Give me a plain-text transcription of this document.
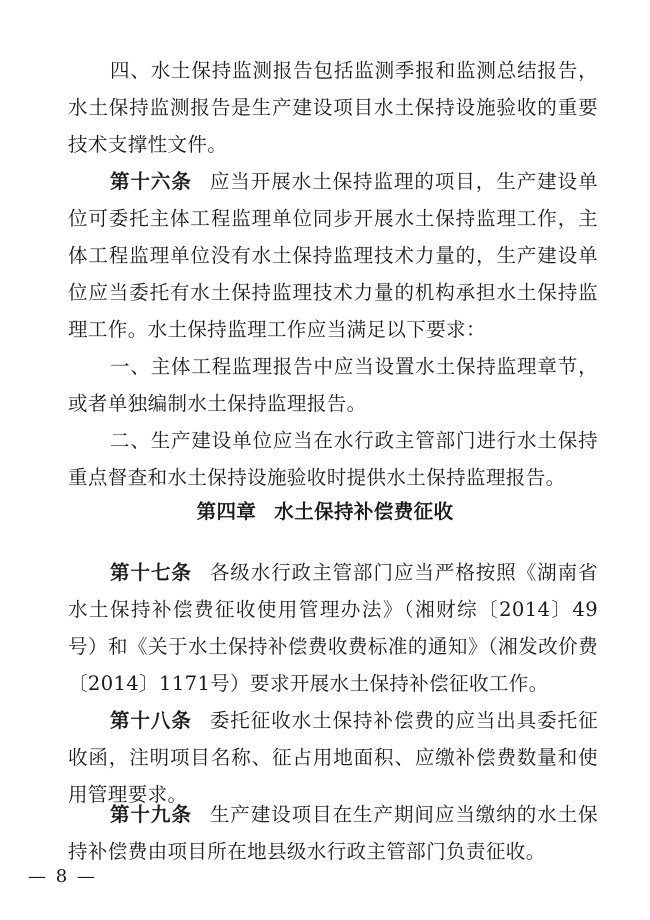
四、水土保持监测报告包括监测季报和监测总结报告，水土保持监测报告是生产建设项目水土保持设施验收的重要技术支撑性文件。
第十六条 应当开展水土保持监理的项目，生产建设单位可委托主体工程监理单位同步开展水土保持监理工作，主体工程监理单位没有水土保持监理技术力量的，生产建设单位应当委托有水土保持监理技术力量的机构承担水土保持监理工作。水土保持监理工作应当满足以下要求：
一、主体工程监理报告中应当设置水土保持监理章节，或者单独编制水土保持监理报告。
二、生产建设单位应当在水行政主管部门进行水土保持重点督查和水土保持设施验收时提供水土保持监理报告。
第四章 水土保持补偿费征收
第十七条 各级水行政主管部门应当严格按照《湖南省水土保持补偿费征收使用管理办法》（湘财综〔2014〕49号）和《关于水土保持补偿费收费标准的通知》（湘发改价费〔2014〕1171号）要求开展水土保持补偿征收工作。
第十八条 委托征收水土保持补偿费的应当出具委托征收函，注明项目名称、征占用地面积、应缴补偿费数量和使用管理要求。
第十九条 生产建设项目在生产期间应当缴纳的水土保持补偿费由项目所在地县级水行政主管部门负责征收。
— 8 —
